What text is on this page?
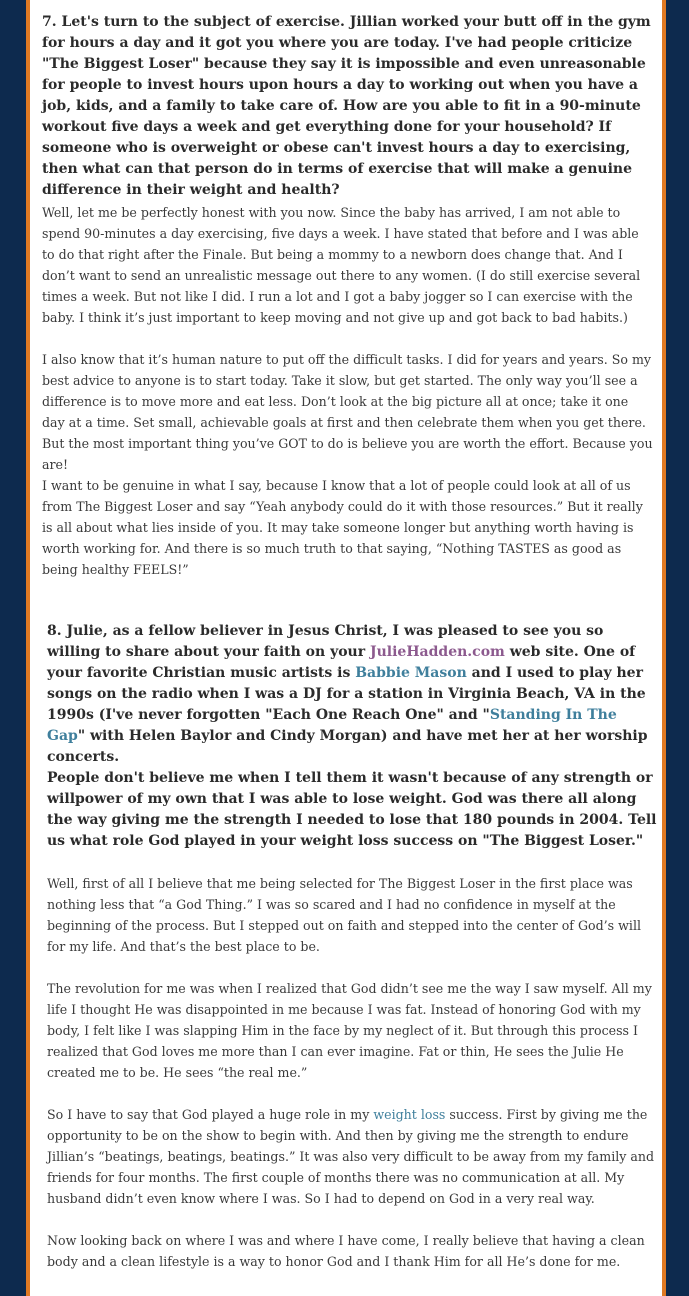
7. Let's turn to the subject of exercise. Jillian worked your butt off in the gym for hours a day and it got you where you are today. I've had people criticize "The Biggest Loser" because they say it is impossible and even unreasonable for people to invest hours upon hours a day to working out when you have a job, kids, and a family to take care of. How are you able to fit in a 90-minute workout five days a week and get everything done for your household? If someone who is overweight or obese can't invest hours a day to exercising, then what can that person do in terms of exercise that will make a genuine difference in their weight and health?

Well, let me be perfectly honest with you now. Since the baby has arrived, I am not able to spend 90-minutes a day exercising, five days a week. I have stated that before and I was able to do that right after the Finale. But being a mommy to a newborn does change that. And I don’t want to send an unrealistic message out there to any women. (I do still exercise several times a week. But not like I did. I run a lot and I got a baby jogger so I can exercise with the baby. I think it’s just important to keep moving and not give up and got back to bad habits.)

I also know that it’s human nature to put off the difficult tasks. I did for years and years. So my best advice to anyone is to start today. Take it slow, but get started. The only way you’ll see a difference is to move more and eat less. Don’t look at the big picture all at once; take it one day at a time. Set small, achievable goals at first and then celebrate them when you get there. But the most important thing you’ve GOT to do is believe you are worth the effort. Because you are!

I want to be genuine in what I say, because I know that a lot of people could look at all of us from The Biggest Loser and say “Yeah anybody could do it with those resources.” But it really is all about what lies inside of you. It may take someone longer but anything worth having is worth working for. And there is so much truth to that saying, “Nothing TASTES as good as being healthy FEELS!”

8. Julie, as a fellow believer in Jesus Christ, I was pleased to see you so willing to share about your faith on your JulieHadden.com web site. One of your favorite Christian music artists is Babbie Mason and I used to play her songs on the radio when I was a DJ for a station in Virginia Beach, VA in the 1990s (I've never forgotten "Each One Reach One" and "Standing In The Gap" with Helen Baylor and Cindy Morgan) and have met her at her worship concerts.

People don't believe me when I tell them it wasn't because of any strength or willpower of my own that I was able to lose weight. God was there all along the way giving me the strength I needed to lose that 180 pounds in 2004. Tell us what role God played in your weight loss success on "The Biggest Loser."

Well, first of all I believe that me being selected for The Biggest Loser in the first place was nothing less that “a God Thing.” I was so scared and I had no confidence in myself at the beginning of the process. But I stepped out on faith and stepped into the center of God’s will for my life. And that’s the best place to be.

The revolution for me was when I realized that God didn’t see me the way I saw myself. All my life I thought He was disappointed in me because I was fat. Instead of honoring God with my body, I felt like I was slapping Him in the face by my neglect of it. But through this process I realized that God loves me more than I can ever imagine. Fat or thin, He sees the Julie He created me to be. He sees “the real me.”

So I have to say that God played a huge role in my weight loss success. First by giving me the opportunity to be on the show to begin with. And then by giving me the strength to endure Jillian’s “beatings, beatings, beatings.” It was also very difficult to be away from my family and friends for four months. The first couple of months there was no communication at all. My husband didn’t even know where I was. So I had to depend on God in a very real way.

Now looking back on where I was and where I have come, I really believe that having a clean body and a clean lifestyle is a way to honor God and I thank Him for all He’s done for me.
